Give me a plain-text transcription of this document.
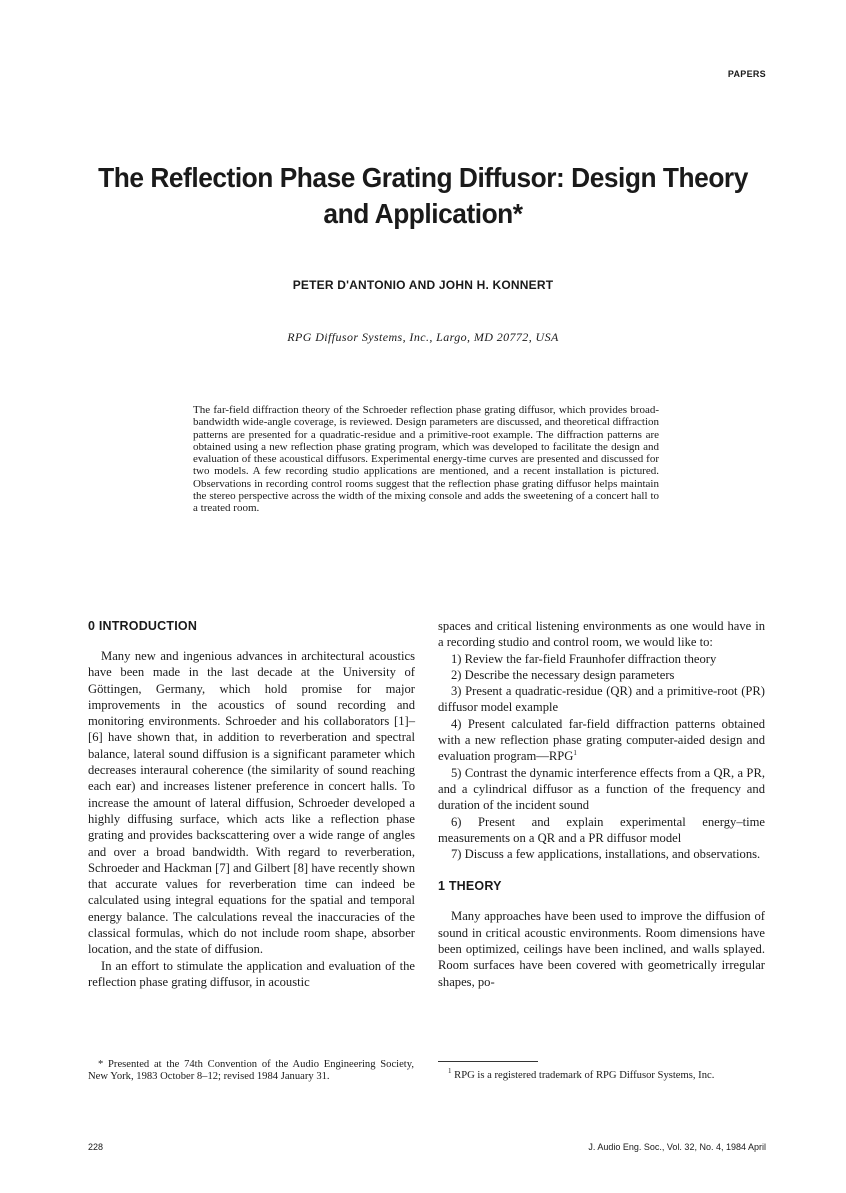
PAPERS
The Reflection Phase Grating Diffusor: Design Theory and Application*
PETER D'ANTONIO AND JOHN H. KONNERT
RPG Diffusor Systems, Inc., Largo, MD 20772, USA

The far-field diffraction theory of the Schroeder reflection phase grating diffusor, which provides broad-bandwidth wide-angle coverage, is reviewed. Design parameters are discussed, and theoretical diffraction patterns are presented for a quadratic-residue and a primitive-root example. The diffraction patterns are obtained using a new reflection phase grating program, which was developed to facilitate the design and evaluation of these acoustical diffusors. Experimental energy-time curves are presented and discussed for two models. A few recording studio applications are mentioned, and a recent installation is pictured. Observations in recording control rooms suggest that the reflection phase grating diffusor helps maintain the stereo perspective across the width of the mixing console and adds the sweetening of a concert hall to a treated room.

0 INTRODUCTION

Many new and ingenious advances in architectural acoustics have been made in the last decade at the University of Göttingen, Germany, which hold promise for major improvements in the acoustics of sound recording and monitoring environments. Schroeder and his collaborators [1]–[6] have shown that, in addition to reverberation and spectral balance, lateral sound diffusion is a significant parameter which decreases interaural coherence (the similarity of sound reaching each ear) and increases listener preference in concert halls. To increase the amount of lateral diffusion, Schroeder developed a highly diffusing surface, which acts like a reflection phase grating and provides backscattering over a wide range of angles and over a broad bandwidth. With regard to reverberation, Schroeder and Hackman [7] and Gilbert [8] have recently shown that accurate values for reverberation time can indeed be calculated using integral equations for the spatial and temporal energy balance. The calculations reveal the inaccuracies of the classical formulas, which do not include room shape, absorber location, and the state of diffusion.

In an effort to stimulate the application and evaluation of the reflection phase grating diffusor, in acoustic

spaces and critical listening environments as one would have in a recording studio and control room, we would like to:

1) Review the far-field Fraunhofer diffraction theory
2) Describe the necessary design parameters
3) Present a quadratic-residue (QR) and a primitive-root (PR) diffusor model example
4) Present calculated far-field diffraction patterns obtained with a new reflection phase grating computer-aided design and evaluation program—RPG$^1$
5) Contrast the dynamic interference effects from a QR, a PR, and a cylindrical diffusor as a function of the frequency and duration of the incident sound
6) Present and explain experimental energy–time measurements on a QR and a PR diffusor model
7) Discuss a few applications, installations, and observations.
1 THEORY

Many approaches have been used to improve the diffusion of sound in critical acoustic environments. Room dimensions have been optimized, ceilings have been inclined, and walls splayed. Room surfaces have been covered with geometrically irregular shapes, po-

* Presented at the 74th Convention of the Audio Engineering Society, New York, 1983 October 8–12; revised 1984 January 31.
$^1$ RPG is a registered trademark of RPG Diffusor Systems, Inc.
228	J. Audio Eng. Soc., Vol. 32, No. 4, 1984 April
